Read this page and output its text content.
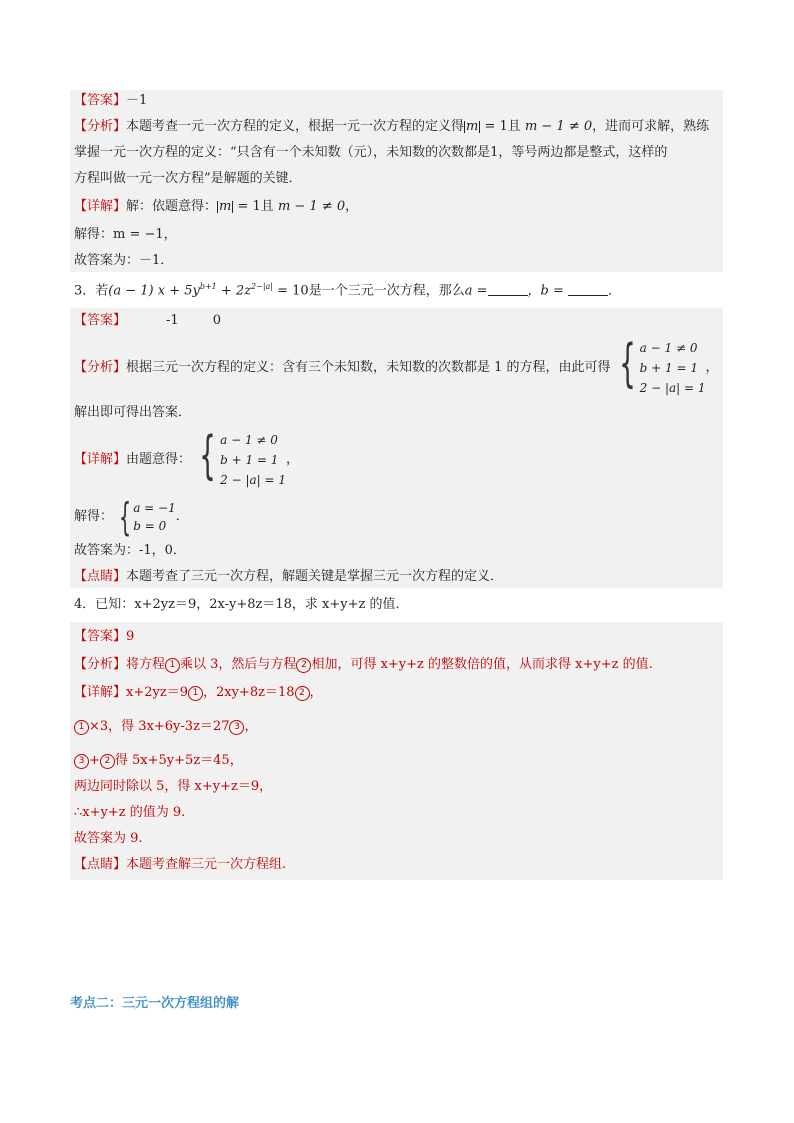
【答案】－1
【分析】本题考查一元一次方程的定义，根据一元一次方程的定义得 m = 1且 m − 1 ≠ 0，进而可求解，熟练
掌握一元一次方程的定义：“只含有一个未知数（元），未知数的次数都是1，等号两边都是整式，这样的
方程叫做一元一次方程”是解题的关键．
【详解】解：依题意得： m = 1且 m − 1 ≠ 0，
解得：m = −1，
故答案为：－1．
3．若(a − 1) $x + 5y^{b+1} + 2z^{2-|a|} = 10$是一个三元一次方程，那么a =	，b =	．
【答案】	-1	0
【分析】 根据三元一次方程的定义：含有三个未知数，未知数的次数都是 1 的方程，由此可得 { a − 1 ≠ 0
b + 1 = 1
2 − |a| = 1
，
解出即可得出答案．
【详解】 由题意得： { a − 1 ≠ 0
b + 1 = 1
2 − |a| = 1
，
解得： { a = −1
b = 0
．
故答案为：-1，0．
【点睛】本题考查了三元一次方程，解题关键是掌握三元一次方程的定义．
4．已知：x+2yz＝9，2x-y+8z＝18，求 x+y+z 的值．
【答案】9
【分析】将方程 1 乘以 3，然后与方程 2 相加，可得 x+y+z 的整数倍的值，从而求得 x+y+z 的值.
【详解】x+2yz＝9 1 ，2xy+8z＝18 2 ，
1 ×3，得 3x+6y-3z＝27 3 ，
3 + 2 得 5x+5y+5z＝45，
两边同时除以 5，得 x+y+z＝9，
∴x+y+z 的值为 9.
故答案为 9.
【点睛】本题考查解三元一次方程组.
考点二：三元一次方程组的解
